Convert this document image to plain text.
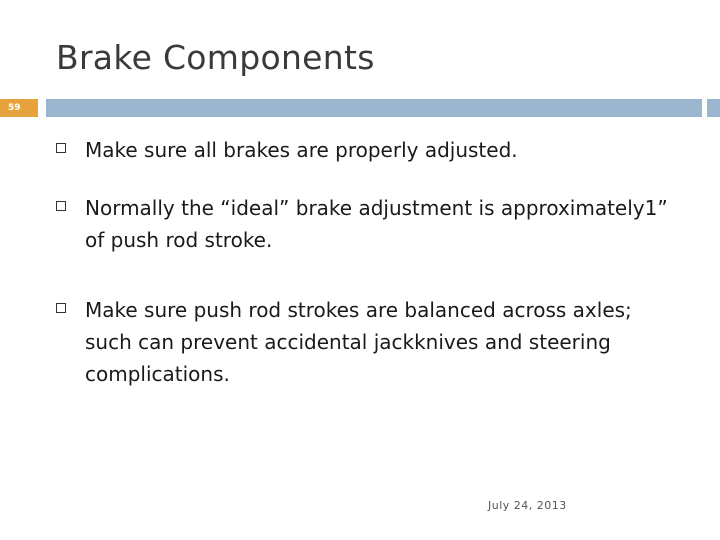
Brake Components
59
Make sure all brakes are properly adjusted.
Normally the “ideal” brake adjustment is approximately1” of push rod stroke.
Make sure push rod strokes are balanced across axles; such can prevent accidental jackknives and steering complications.
July 24, 2013
